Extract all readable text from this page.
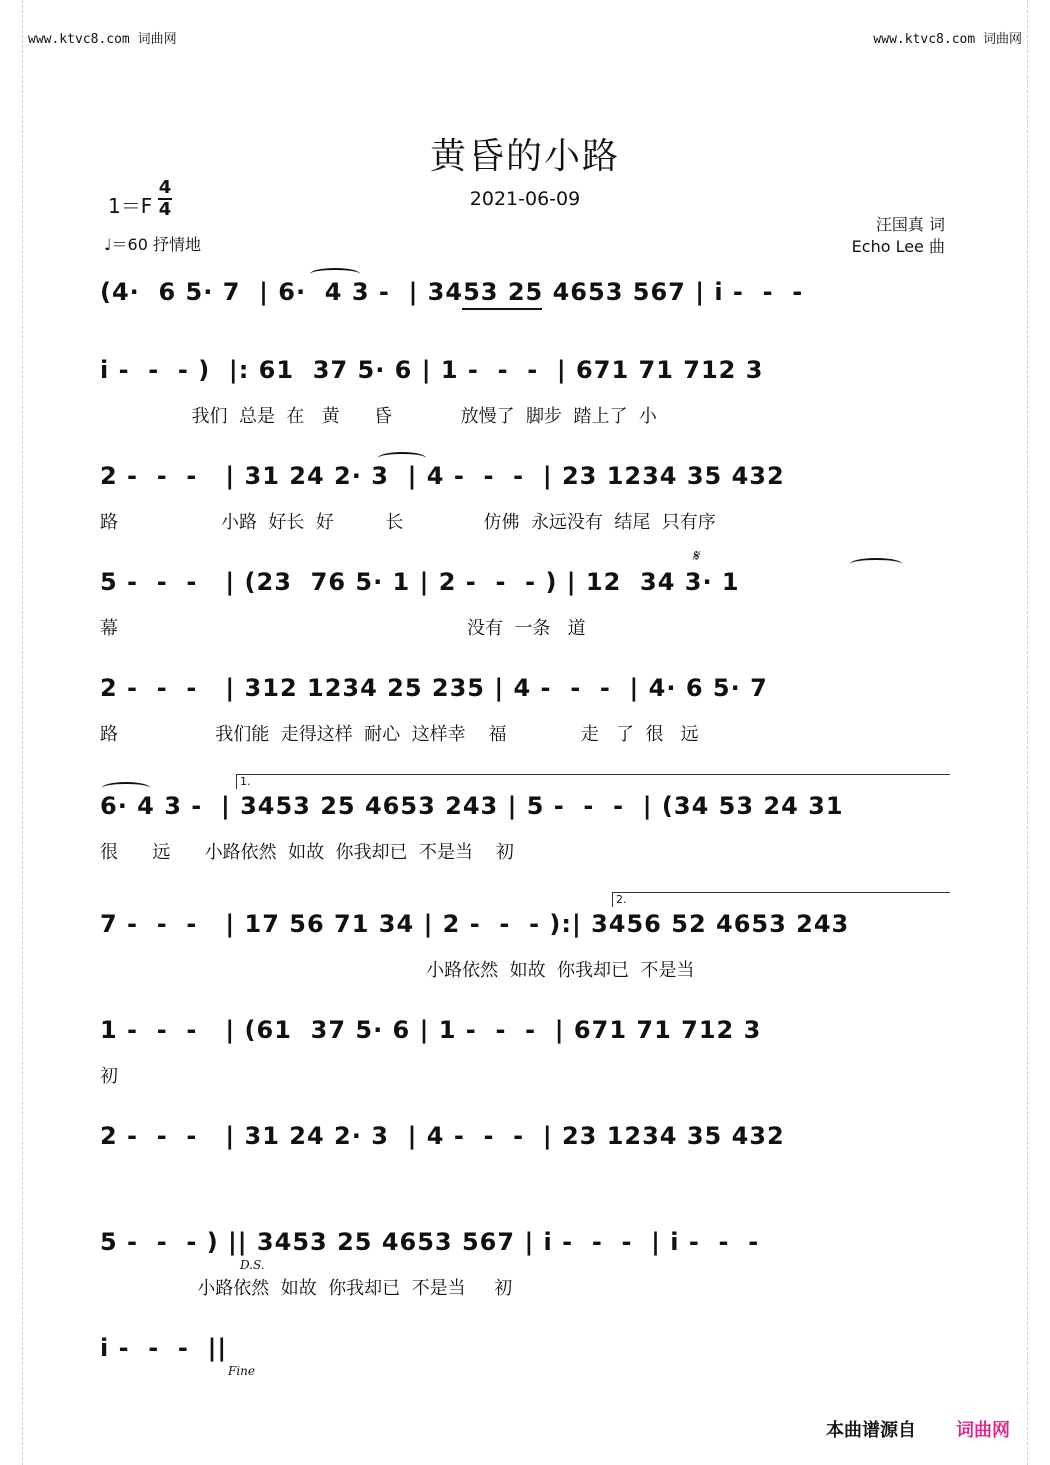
www.ktvc8.com 词曲网	www.ktvc8.com 词曲网
黄昏的小路
2021-06-09
1＝F
4
4
♩＝60 抒情地
汪国真 词
Echo Lee 曲
(4·  6 5· 7  | 6·  4 3 -  | 3453 25 4653 567 | i -  -  -
i -  -  - )  |: 61  37 5· 6 | 1 -  -  -  | 671 71 712 3
我们  总是  在   黄      昏            放慢了  脚步  踏上了  小
2 -  -  -   | 31 24 2· 3  | 4 -  -  -  | 23 1234 35 432
路                  小路  好长  好         长              仿佛  永远没有  结尾  只有序
5 -  -  -   | (23  76 5· 1 | 2 -  -  - ) | 12  34 3· 1
幕                                                             没有  一条   道
𝄋
2 -  -  -   | 312 1234 25 235 | 4 -  -  -  | 4· 6 5· 7
路                 我们能  走得这样  耐心  这样幸    福             走   了  很   远
6· 4 3 -  | 3453 25 4653 243 | 5 -  -  -  | (34 53 24 31
很      远      小路依然  如故  你我却已  不是当    初
1.
7 -  -  -   | 17 56 71 34 | 2 -  -  - ):| 3456 52 4653 243
小路依然  如故  你我却已  不是当
2.
1 -  -  -   | (61  37 5· 6 | 1 -  -  -  | 671 71 712 3
初
2 -  -  -   | 31 24 2· 3  | 4 -  -  -  | 23 1234 35 432
5 -  -  - ) || 3453 25 4653 567 | i -  -  -  | i -  -  -
小路依然  如故  你我却已  不是当     初
D.S.
i -  -  -  ||
Fine
本曲谱源自 词曲网
